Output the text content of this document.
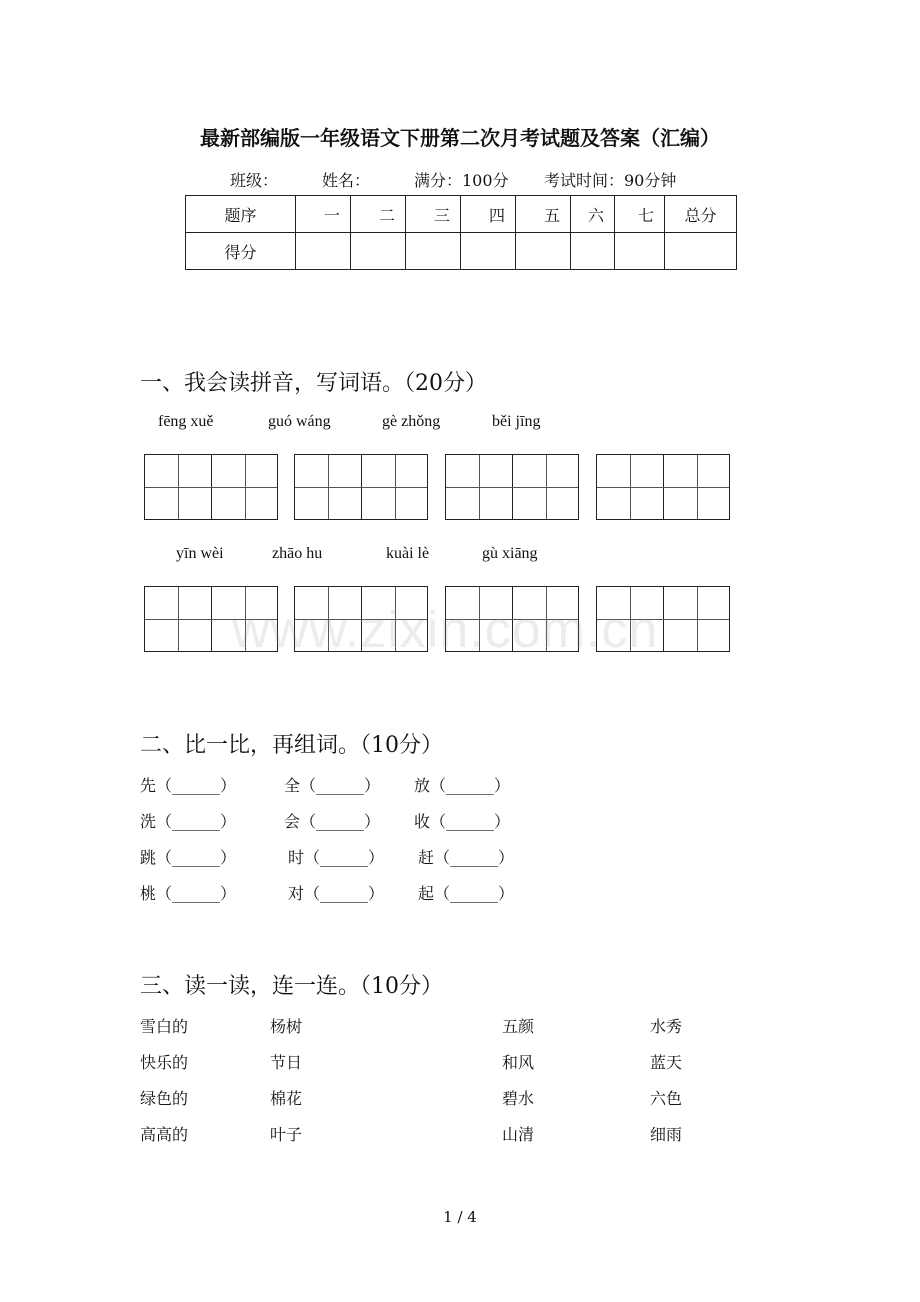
最新部编版一年级语文下册第二次月考试题及答案（汇编）
班级：	姓名：	满分：100分 考试时间：90分钟
题序	一	二	三	四	五	六	七	总分
得分								
一、我会读拼音，写词语。（20分）
fēng xuě	guó wáng	gè zhǒng	běi jīng
yīn wèi	zhāo hu	kuài lè	gù xiāng
www.zixin.com.cn
二、比一比，再组词。（10分）
先（______）	全（______） 放（______）
洗（______）	会（______） 收（______）
跳（______）	时（______） 赶（______）
桃（______）	对（______） 起（______）
三、读一读，连一连。（10分）
雪白的	杨树	五颜	水秀
快乐的	节日	和风	蓝天
绿色的	棉花	碧水	六色
高高的	叶子	山清	细雨
1 / 4
